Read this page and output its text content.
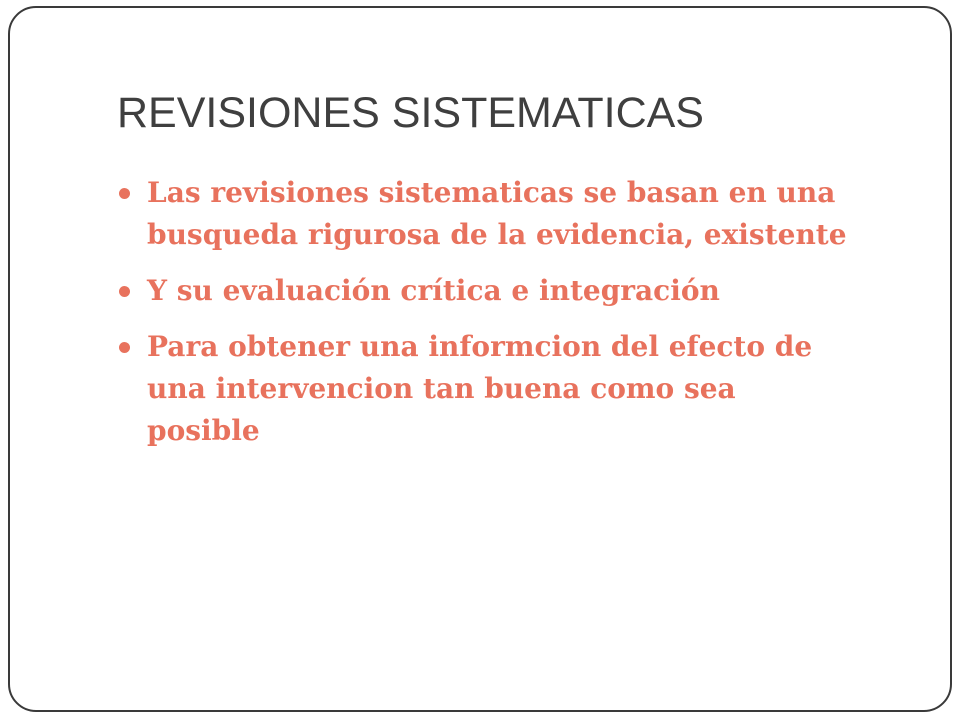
REVISIONES SISTEMATICAS
Las revisiones sistematicas se basan en una busqueda rigurosa de la evidencia, existente
Y su evaluación crítica e integración
Para obtener una informcion del efecto de una intervencion tan buena como sea posible
